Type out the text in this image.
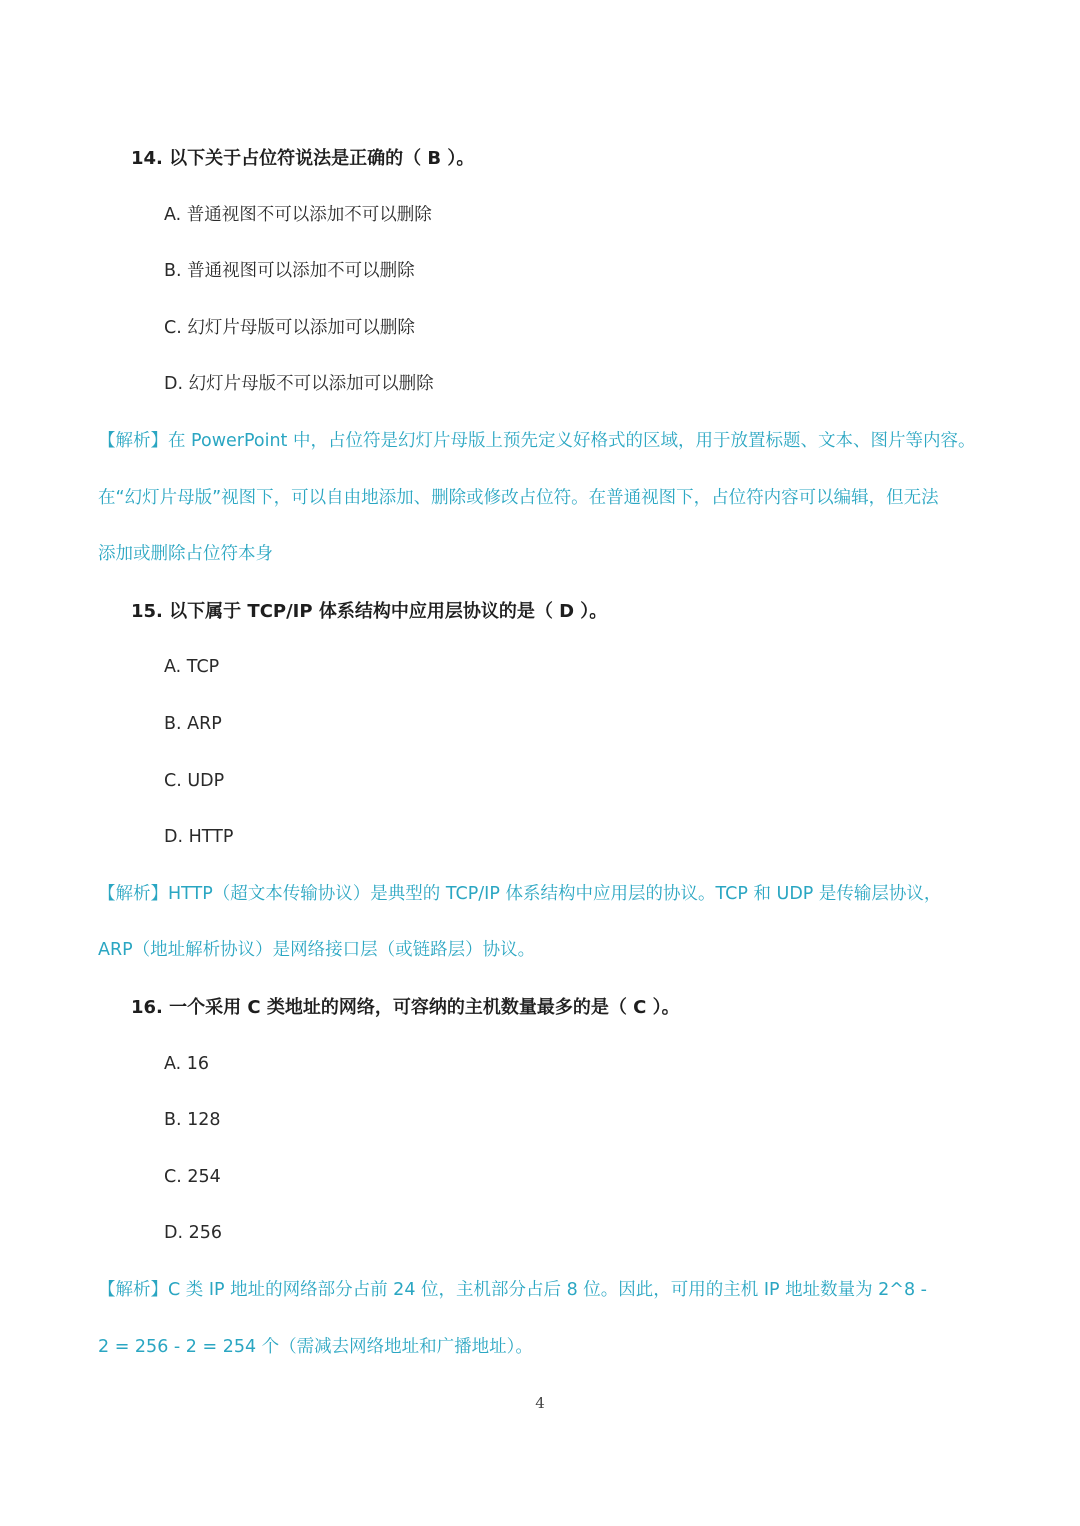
14. 以下关于占位符说法是正确的（ B ）。
A. 普通视图不可以添加不可以删除
B. 普通视图可以添加不可以删除
C. 幻灯片母版可以添加可以删除
D. 幻灯片母版不可以添加可以删除
【解析】在 PowerPoint 中，占位符是幻灯片母版上预先定义好格式的区域，用于放置标题、文本、图片等内容。
在“幻灯片母版”视图下，可以自由地添加、删除或修改占位符。在普通视图下，占位符内容可以编辑，但无法
添加或删除占位符本身
15. 以下属于 TCP/IP 体系结构中应用层协议的是（ D ）。
A. TCP
B. ARP
C. UDP
D. HTTP
【解析】HTTP（超文本传输协议）是典型的 TCP/IP 体系结构中应用层的协议。TCP 和 UDP 是传输层协议，
ARP（地址解析协议）是网络接口层（或链路层）协议。
16. 一个采用 C 类地址的网络，可容纳的主机数量最多的是（ C ）。
A. 16
B. 128
C. 254
D. 256
【解析】C 类 IP 地址的网络部分占前 24 位，主机部分占后 8 位。因此，可用的主机 IP 地址数量为 2^8 -
2 = 256 - 2 = 254 个（需减去网络地址和广播地址）。
4
